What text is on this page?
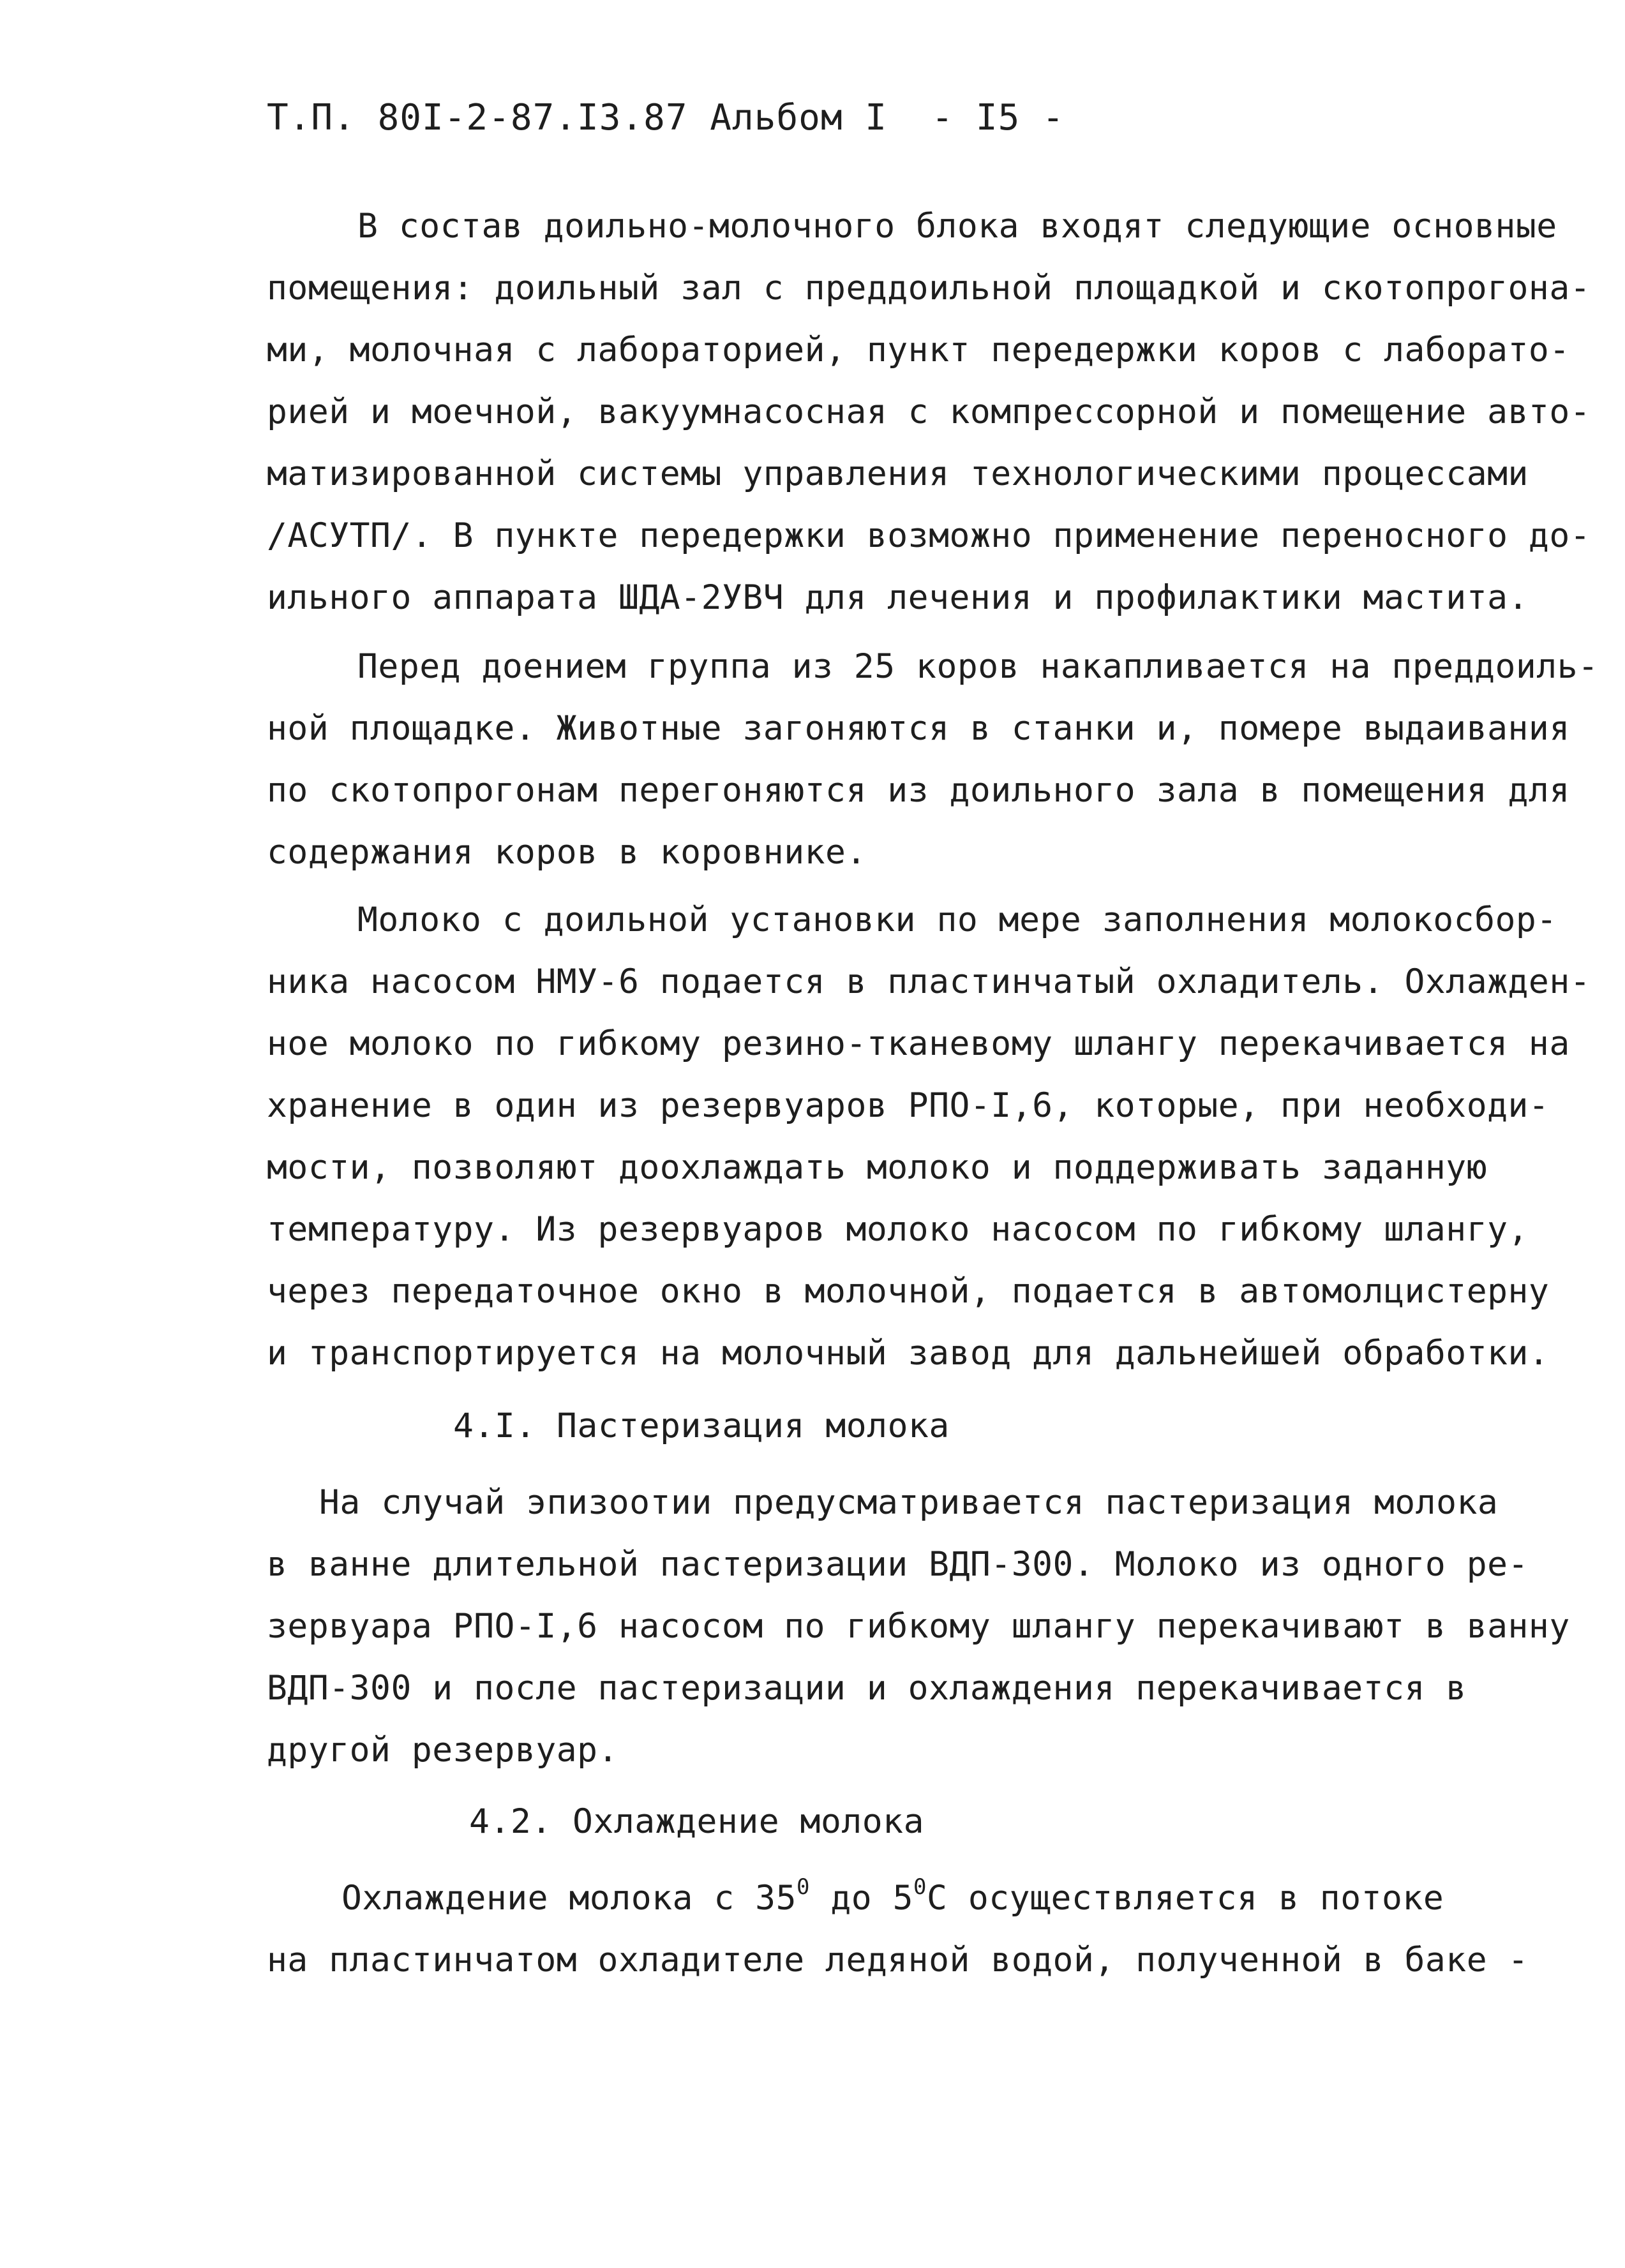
Т.П. 80I-2-87.I3.87 Альбом I  - I5 -
В состав доильно-молочного блока входят следующие основные
помещения: доильный зал с преддоильной площадкой и скотопрогона-
ми, молочная с лабораторией, пункт передержки коров с лаборато-
рией и моечной, вакуумнасосная с компрессорной и помещение авто-
матизированной системы управления технологическими процессами
/АСУТП/. В пункте передержки возможно применение переносного до-
ильного аппарата ШДА-2УВЧ для лечения и профилактики мастита.
Перед доением группа из 25 коров накапливается на преддоиль-
ной площадке. Животные загоняются в станки и, помере выдаивания
по скотопрогонам перегоняются из доильного зала в помещения для
содержания коров в коровнике.
Молоко с доильной установки по мере заполнения молокосбор-
ника насосом НМУ-6 подается в пластинчатый охладитель. Охлажден-
ное молоко по гибкому резино-тканевому шлангу перекачивается на
хранение в один из резервуаров РПО-I,6, которые, при необходи-
мости, позволяют доохлаждать молоко и поддерживать заданную
температуру. Из резервуаров молоко насосом по гибкому шлангу,
через передаточное окно в молочной, подается в автомолцистерну
и транспортируется на молочный завод для дальнейшей обработки.
4.I. Пастеризация молока
На случай эпизоотии предусматривается пастеризация молока
в ванне длительной пастеризации ВДП-300. Молоко из одного ре-
зервуара РПО-I,6 насосом по гибкому шлангу перекачивают в ванну
ВДП-300 и после пастеризации и охлаждения перекачивается в
другой резервуар.
4.2. Охлаждение молока
Охлаждение молока с $35^0$ до $5^0С$ осуществляется в потоке
на пластинчатом охладителе ледяной водой, полученной в баке -
